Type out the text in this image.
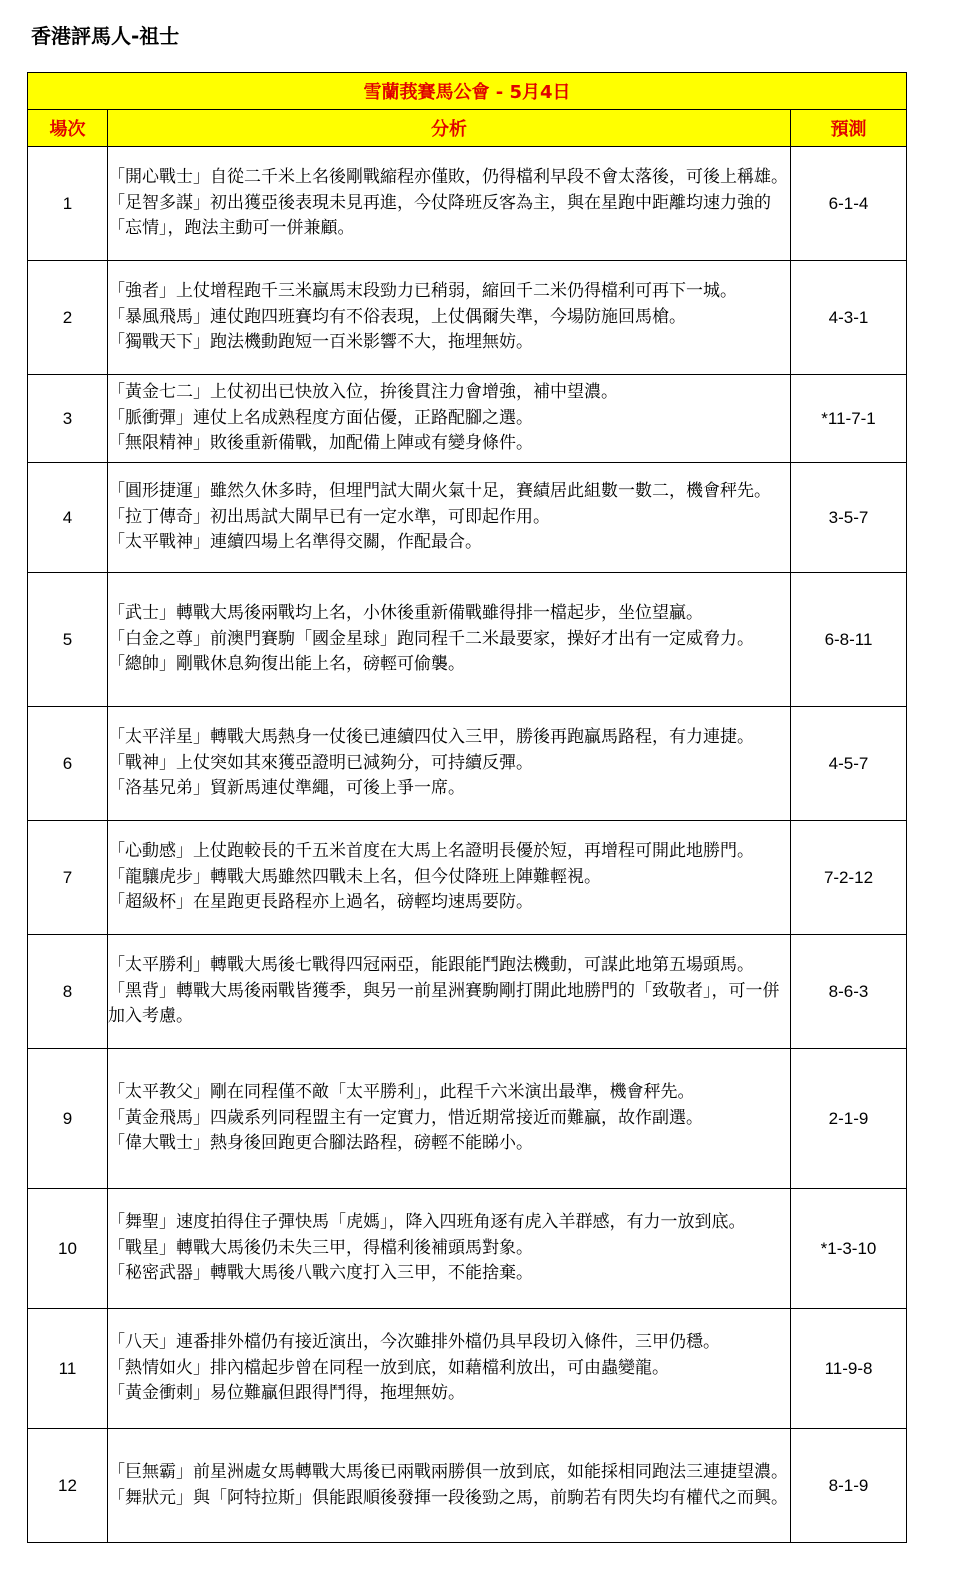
香港評馬人-祖士
雪蘭莪賽馬公會 - 5月4日		
場次	分析	預測
1	「開心戰士」自從二千米上名後剛戰縮程亦僅敗，仍得檔利早段不會太落後，可後上稱雄。
「足智多謀」初出獲亞後表現未見再進，今仗降班反客為主，與在星跑中距離均速力強的「忘情」，跑法主動可一併兼顧。	6-1-4
2	「強者」上仗增程跑千三米贏馬末段勁力已稍弱，縮回千二米仍得檔利可再下一城。
「暴風飛馬」連仗跑四班賽均有不俗表現，上仗偶爾失準，今場防施回馬槍。
「獨戰天下」跑法機動跑短一百米影響不大，拖埋無妨。	4-3-1
3	「黃金七二」上仗初出已快放入位，拚後貫注力會增強，補中望濃。
「脈衝彈」連仗上名成熟程度方面佔優，正路配腳之選。
「無限精神」敗後重新備戰，加配備上陣或有變身條件。	*11-7-1
4	「圓形捷運」雖然久休多時，但埋門試大閘火氣十足，賽績居此組數一數二，機會秤先。
「拉丁傳奇」初出馬試大閘早已有一定水準，可即起作用。
「太平戰神」連續四場上名準得交關，作配最合。	3-5-7
5	「武士」轉戰大馬後兩戰均上名，小休後重新備戰雖得排一檔起步，坐位望贏。
「白金之尊」前澳門賽駒「國金星球」跑同程千二米最要家，操好才出有一定威脅力。
「總帥」剛戰休息夠復出能上名，磅輕可偷襲。	6-8-11
6	「太平洋星」轉戰大馬熱身一仗後已連續四仗入三甲，勝後再跑贏馬路程，有力連捷。
「戰神」上仗突如其來獲亞證明已減夠分，可持續反彈。
「洛基兄弟」貿新馬連仗準繩，可後上爭一席。	4-5-7
7	「心動感」上仗跑較長的千五米首度在大馬上名證明長優於短，再增程可開此地勝門。
「龍驤虎步」轉戰大馬雖然四戰未上名，但今仗降班上陣難輕視。
「超級杯」在星跑更長路程亦上過名，磅輕均速馬要防。	7-2-12
8	「太平勝利」轉戰大馬後七戰得四冠兩亞，能跟能鬥跑法機動，可謀此地第五場頭馬。
「黑背」轉戰大馬後兩戰皆獲季，與另一前星洲賽駒剛打開此地勝門的「致敬者」，可一併加入考慮。	8-6-3
9	「太平教父」剛在同程僅不敵「太平勝利」，此程千六米演出最準，機會秤先。
「黃金飛馬」四歲系列同程盟主有一定實力，惜近期常接近而難贏，故作副選。
「偉大戰士」熱身後回跑更合腳法路程，磅輕不能睇小。	2-1-9
10	「舞聖」速度拍得住子彈快馬「虎媽」，降入四班角逐有虎入羊群感，有力一放到底。
「戰星」轉戰大馬後仍未失三甲，得檔利後補頭馬對象。
「秘密武器」轉戰大馬後八戰六度打入三甲，不能捨棄。	*1-3-10
11	「八天」連番排外檔仍有接近演出，今次雖排外檔仍具早段切入條件，三甲仍穩。
「熱情如火」排內檔起步曾在同程一放到底，如藉檔利放出，可由蟲變龍。
「黃金衝刺」易位難贏但跟得鬥得，拖埋無妨。	11-9-8
12	「巨無霸」前星洲處女馬轉戰大馬後已兩戰兩勝俱一放到底，如能採相同跑法三連捷望濃。
「舞狀元」與「阿特拉斯」俱能跟順後發揮一段後勁之馬，前駒若有閃失均有權代之而興。	8-1-9
